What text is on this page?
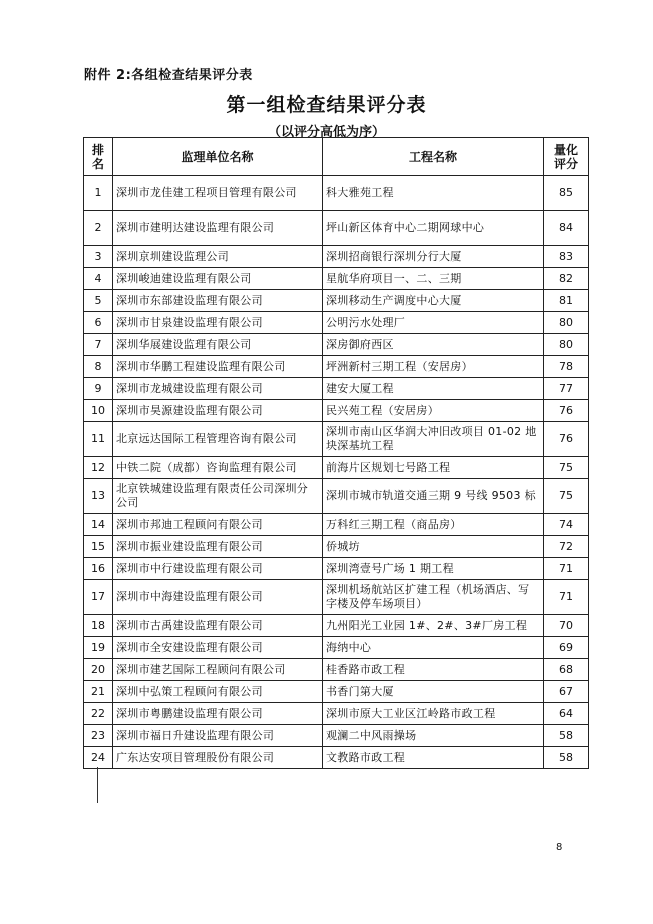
附件 2:各组检查结果评分表
第一组检查结果评分表
（以评分高低为序）
排名	监理单位名称	工程名称	量化
评分

1	深圳市龙佳建工程项目管理有限公司	科大雅苑工程	85
2	深圳市建明达建设监理有限公司	坪山新区体育中心二期网球中心	84
3	深圳京圳建设监理公司	深圳招商银行深圳分行大厦	83
4	深圳峻迪建设监理有限公司	星航华府项目一、二、三期	82
5	深圳市东部建设监理有限公司	深圳移动生产调度中心大厦	81
6	深圳市甘泉建设监理有限公司	公明污水处理厂	80
7	深圳华展建设监理有限公司	深房御府西区	80
8	深圳市华鹏工程建设监理有限公司	坪洲新村三期工程（安居房）	78
9	深圳市龙城建设监理有限公司	建安大厦工程	77
10	深圳市昊源建设监理有限公司	民兴苑工程（安居房）	76
11	北京远达国际工程管理咨询有限公司	深圳市南山区华润大冲旧改项目 01-02 地块深基坑工程	76
12	中铁二院（成都）咨询监理有限公司	前海片区规划七号路工程	75
13	北京铁城建设监理有限责任公司深圳分公司	深圳市城市轨道交通三期 9 号线 9503 标	75
14	深圳市邦迪工程顾问有限公司	万科红三期工程（商品房）	74
15	深圳市振业建设监理有限公司	侨城坊	72
16	深圳市中行建设监理有限公司	深圳湾壹号广场 1 期工程	71
17	深圳市中海建设监理有限公司	深圳机场航站区扩建工程（机场酒店、写字楼及停车场项目）	71
18	深圳市古禹建设监理有限公司	九州阳光工业园 1#、2#、3#厂房工程	70
19	深圳市全安建设监理有限公司	海纳中心	69
20	深圳市建艺国际工程顾问有限公司	桂香路市政工程	68
21	深圳中弘策工程顾问有限公司	书香门第大厦	67
22	深圳市粤鹏建设监理有限公司	深圳市原大工业区江岭路市政工程	64
23	深圳市福日升建设监理有限公司	观澜二中风雨操场	58
24	广东达安项目管理股份有限公司	文教路市政工程	58
8
